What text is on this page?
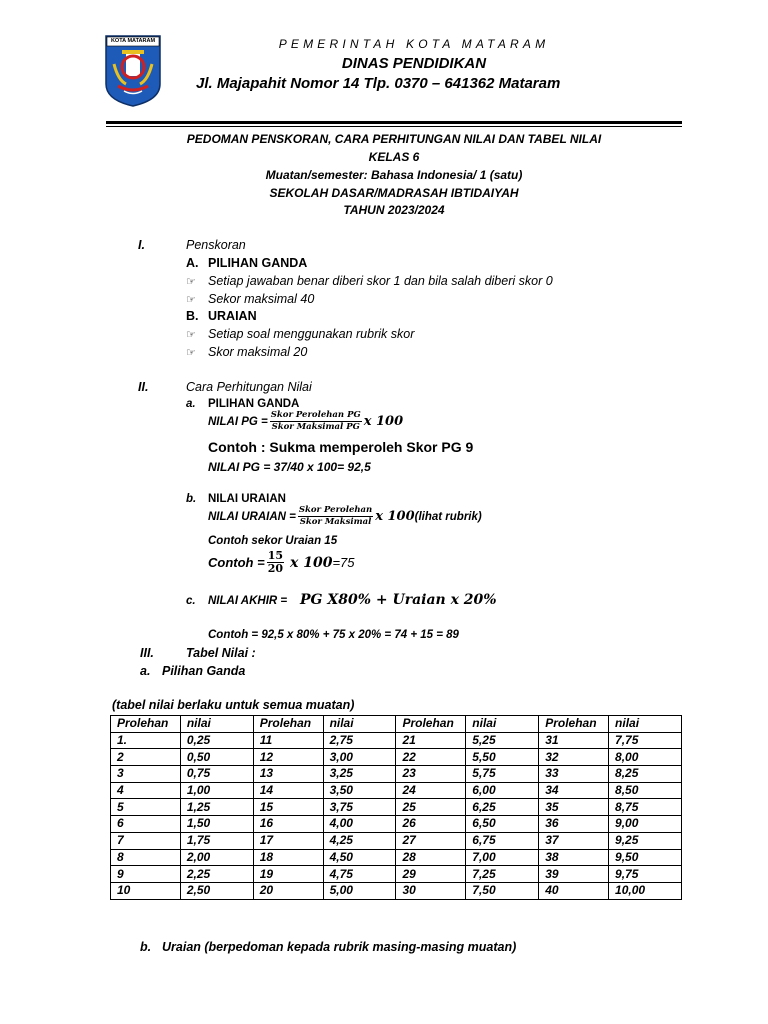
KOTA MATARAM	PEMERINTAH KOTA MATARAM
DINAS PENDIDIKAN
Jl. Majapahit Nomor 14 Tlp. 0370 – 641362 Mataram
PEDOMAN PENSKORAN, CARA PERHITUNGAN NILAI DAN TABEL NILAI
KELAS 6
Muatan/semester: Bahasa Indonesia/ 1 (satu)
SEKOLAH DASAR/MADRASAH IBTIDAIYAH
TAHUN 2023/2024
I.	Penskoran
A. PILIHAN GANDA
☞ Setiap jawaban benar diberi skor 1 dan bila salah diberi skor 0
☞ Sekor maksimal 40
B. URAIAN
☞ Setiap soal menggunakan rubrik skor
☞ Skor maksimal 20
II.	Cara Perhitungan Nilai
a. PILIHAN GANDA
NILAI PG = $\frac{\text{Skor Perolehan PG}}{\text{Skor Maksimal PG}}$ x 100
Contoh : Sukma memperoleh Skor PG 9
NILAI PG = 37/40 x 100= 92,5
b. NILAI URAIAN
NILAI URAIAN = $\frac{\text{Skor Perolehan}}{\text{Skor Maksimal}}$ x 100 (lihat rubrik)
Contoh sekor Uraian 15
Contoh = $\frac{15}{20}$ x 100 =75
c. NILAI AKHIR = PG X80% + Uraian x 20%
Contoh = 92,5 x 80% + 75 x 20% = 74 + 15 = 89
III.	Tabel Nilai :
a. Pilihan Ganda
(tabel nilai berlaku untuk semua muatan)
Prolehan	nilai	Prolehan	nilai	Prolehan	nilai	Prolehan	nilai
1.	0,25	11	2,75	21	5,25	31	7,75
2	0,50	12	3,00	22	5,50	32	8,00
3	0,75	13	3,25	23	5,75	33	8,25
4	1,00	14	3,50	24	6,00	34	8,50
5	1,25	15	3,75	25	6,25	35	8,75
6	1,50	16	4,00	26	6,50	36	9,00
7	1,75	17	4,25	27	6,75	37	9,25
8	2,00	18	4,50	28	7,00	38	9,50
9	2,25	19	4,75	29	7,25	39	9,75
10	2,50	20	5,00	30	7,50	40	10,00
b. Uraian (berpedoman kepada rubrik masing-masing muatan)
